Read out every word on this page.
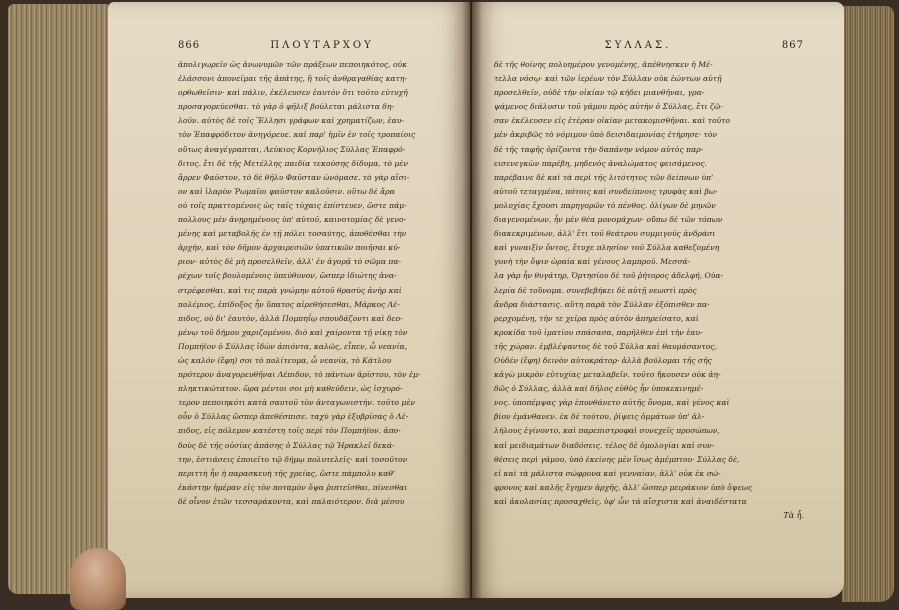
866	ΠΛΟΥΤΑΡΧΟΥ

ἀπολιγωρεῖν ὡς ἀνωνυμῶν τῶν πράξεων πεποιηκότος, οὐκ

ἐλάσσονι ἀπονεῖμαι τῆς ἀπάτης, ἢ τοῖς ἀνθραγαθίας κατη-

ορθωθεῖσιν· καὶ πάλιν, ἐκέλευσεν ἑαυτὸν ὅτι τοῦτο εὐτυχῆ

προσαγορεύεσθαι. τὸ γὰρ ὁ φῆλιξ βούλεται μάλιστα δη-

λοῦν. αὐτὸς δὲ τοῖς Ἕλλησι γράφων καὶ χρηματίζων, ἑαυ-

τὸν Ἐπαφρόδιτον ἀνηγόρευε. καὶ παρ' ἡμῖν ἐν τοῖς τροπαίοις

οὕτως ἀναγέγραπται, Λεύκιος Κορνήλιος Σύλλας Ἐπαφρό-

διτος. ἔτι δὲ τῆς Μετέλλης παιδία τεκούσης δίδυμα, τὸ μὲν

ἄρρεν Φαῦστον, τὸ δὲ θῆλυ Φαῦσταν ὠνόμασε. τὸ γὰρ αἴσι-

ον καὶ ἱλαρὸν Ῥωμαῖοι φαῦστον καλοῦσιν. οὕτω δὲ ἄρα

οὐ τοῖς πραττομένοις ὡς ταῖς τύχαις ἐπίστευεν, ὥστε πάμ-

πολλους μὲν ἀνῃρημένους ὑπ' αὐτοῦ, καινοτομίας δὲ γενο-

μένης καὶ μεταβολῆς ἐν τῇ πόλει τοσαύτης, ἀποθέσθαι τὴν

ἀρχὴν, καὶ τὸν δῆμον ἀρχαιρεσιῶν ὑπατικῶν ποιῆσαι κύ-

ριον· αὐτὸς δὲ μὴ προσελθεῖν, ἀλλ' ἐν ἀγορᾷ τὸ σῶμα πα-

ρέχων τοῖς βουλομένοις ὑπεύθυνον, ὥσπερ ἰδιώτης ἀνα-

στρέφεσθαι. καὶ τις παρὰ γνώμην αὐτοῦ θρασὺς ἀνὴρ καὶ

πολέμιος, ἐπίδοξος ἦν ὕπατος αἱρεθήσεσθαι, Μάρκος Λέ-

πιδος, οὐ δι' ἑαυτὸν, ἀλλὰ Πομπηΐῳ σπουδάζοντι καὶ δεο-

μένῳ τοῦ δήμου χαριζομένου. διὸ καὶ χαίροντα τῇ νίκῃ τὸν

Πομπήϊον ὁ Σύλλας ἰδὼν ἀπιόντα, καλῶς, εἶπεν, ὦ νεανία,

ὡς καλόν (ἔφη) σοι τὸ πολίτευμα, ὦ νεανία, τὸ Κάτλου

πρότερον ἀναγορευθῆναι Λέπιδον, τὸ πάντων ἀρίστου, τὸν ἐμ-

πληκτικώτατον. ὥρα μέντοι σοι μὴ καθεύδειν, ὡς ἰσχυρό-

τερον πεποιηκότι κατὰ σαυτοῦ τὸν ἀνταγωνιστήν. τοῦτο μὲν

οὖν ὁ Σύλλας ὥσπερ ἀπεθέσπισε. ταχὺ γὰρ ἐξυβρίσας ὁ Λέ-

πιδος, εἰς πόλεμον κατέστη τοῖς περὶ τὸν Πομπήϊον. ἀπο-

δοὺς δὲ τῆς οὐσίας ἁπάσης ὁ Σύλλας τῷ Ἡρακλεῖ δεκά-

την, ἑστιάσεις ἐποιεῖτο τῷ δήμῳ πολυτελεῖς· καὶ τοσοῦτον

περιττὴ ἦν ἡ παρασκευὴ τῆς χρείας, ὥστε πάμπολυ καθ'

ἑκάστην ἡμέραν εἰς τὸν ποταμὸν ὄψα ῥιπτεῖσθαι, πίνεσθαι

δὲ οἶνον ἐτῶν τεσσαράκοντα, καὶ παλαιότερον. διὰ μέσου

ΣΥΛΛΑΣ.	867

δὲ τῆς θοίνης πολυημέρου γενομένης, ἀπέθνησκεν ἡ Μέ-

τελλα νόσῳ· καὶ τῶν ἱερέων τὸν Σύλλαν οὐκ ἐώντων αὐτῇ

προσελθεῖν, οὐδὲ τὴν οἰκίαν τῷ κήδει μιανθῆναι, γρα-

ψάμενος διάλυσιν τοῦ γάμου πρὸς αὐτὴν ὁ Σύλλας, ἔτι ζῶ-

σαν ἐκέλευσεν εἰς ἑτέραν οἰκίαν μετακομισθῆναι. καὶ τοῦτο

μὲν ἀκριβῶς τὸ νόμιμον ὑπὸ δεισιδαιμονίας ἐτήρησε· τὸν

δὲ τῆς ταφῆς ὁρίζοντα τὴν δαπάνην νόμον αὐτὸς παρ-

εισενεγκὼν παρέβη, μηδενὸς ἀναλώματος φεισάμενος.

παρέβαινε δὲ καὶ τὰ περὶ τῆς λιτότητος τῶν δείπνων ὑπ'

αὐτοῦ τεταγμένα, πότοις καὶ συνδείπνοις τρυφὰς καὶ βω-

μολοχίας ἔχουσι παρηγορῶν τὸ πένθος. ὀλίγων δὲ μηνῶν

διαγενομένων, ἦν μὲν θέα μονομάχων· οὔπω δὲ τῶν τόπων

διακεκριμένων, ἀλλ' ἔτι τοῦ θεάτρου συμμιγοῦς ἀνδράσι

καὶ γυναιξὶν ὄντος, ἔτυχε πλησίον τοῦ Σύλλα καθεζομένη

γυνὴ τὴν ὄψιν ὡραία καὶ γένους λαμπροῦ. Μεσσά-

λα γὰρ ἦν θυγάτηρ, Ὁρτησίου δὲ τοῦ ῥήτορος ἀδελφή, Οὐα-

λερία δὲ τοὔνομα. συνεβεβήκει δὲ αὐτῇ νεωστὶ πρὸς

ἄνδρα διάστασις. αὕτη παρὰ τὸν Σύλλαν ἐξόπισθεν πα-

ρερχομένη, τὴν τε χεῖρα πρὸς αὐτὸν ἀπηρείσατο, καὶ

κροκίδα τοῦ ἱματίου σπάσασα, παρῆλθεν ἐπὶ τὴν ἑαυ-

τῆς χώραν. ἐμβλέψαντος δὲ τοῦ Σύλλα καὶ θαυμάσαντος,

Οὐδέν (ἔφη) δεινὸν αὐτοκράτορ· ἀλλὰ βούλομαι τῆς σῆς

κἀγὼ μικρὸν εὐτυχίας μεταλαβεῖν. τοῦτο ἤκουσεν οὐκ ἀη-

δῶς ὁ Σύλλας, ἀλλὰ καὶ δῆλος εὐθὺς ἦν ὑποκεκινημέ-

νος. ὑποπέμψας γὰρ ἐπυνθάνετο αὐτῆς ὄνομα, καὶ γένος καὶ

βίον ἐμάνθανεν. ἐκ δὲ τούτου, ῥίψεις ὀμμάτων ὑπ' ἀλ-

λήλους ἐγίνοντο, καὶ παρεπιστροφαὶ συνεχεῖς προσώπων,

καὶ μειδιαμάτων διαδόσεις. τέλος δὲ ὁμολογίαι καὶ συν-

θέσεις περὶ γάμου, ὑπὸ ἐκείνης μὲν ἴσως ἀμέμπτου· Σύλλας δὲ,

εἰ καὶ τὰ μάλιστα σώφρονα καὶ γενναίαν, ἀλλ' οὐκ ἐκ σώ-

φρονος καὶ καλῆς ἔγημεν ἀρχῆς, ἀλλ' ὥσπερ μειράκιον ὑπὸ ὄψεως

καὶ ἀκολασίας προσαχθεὶς, ὑφ' ὧν τὰ αἴσχιστα καὶ ἀναιδέστατα

Τὰ ἦ.
